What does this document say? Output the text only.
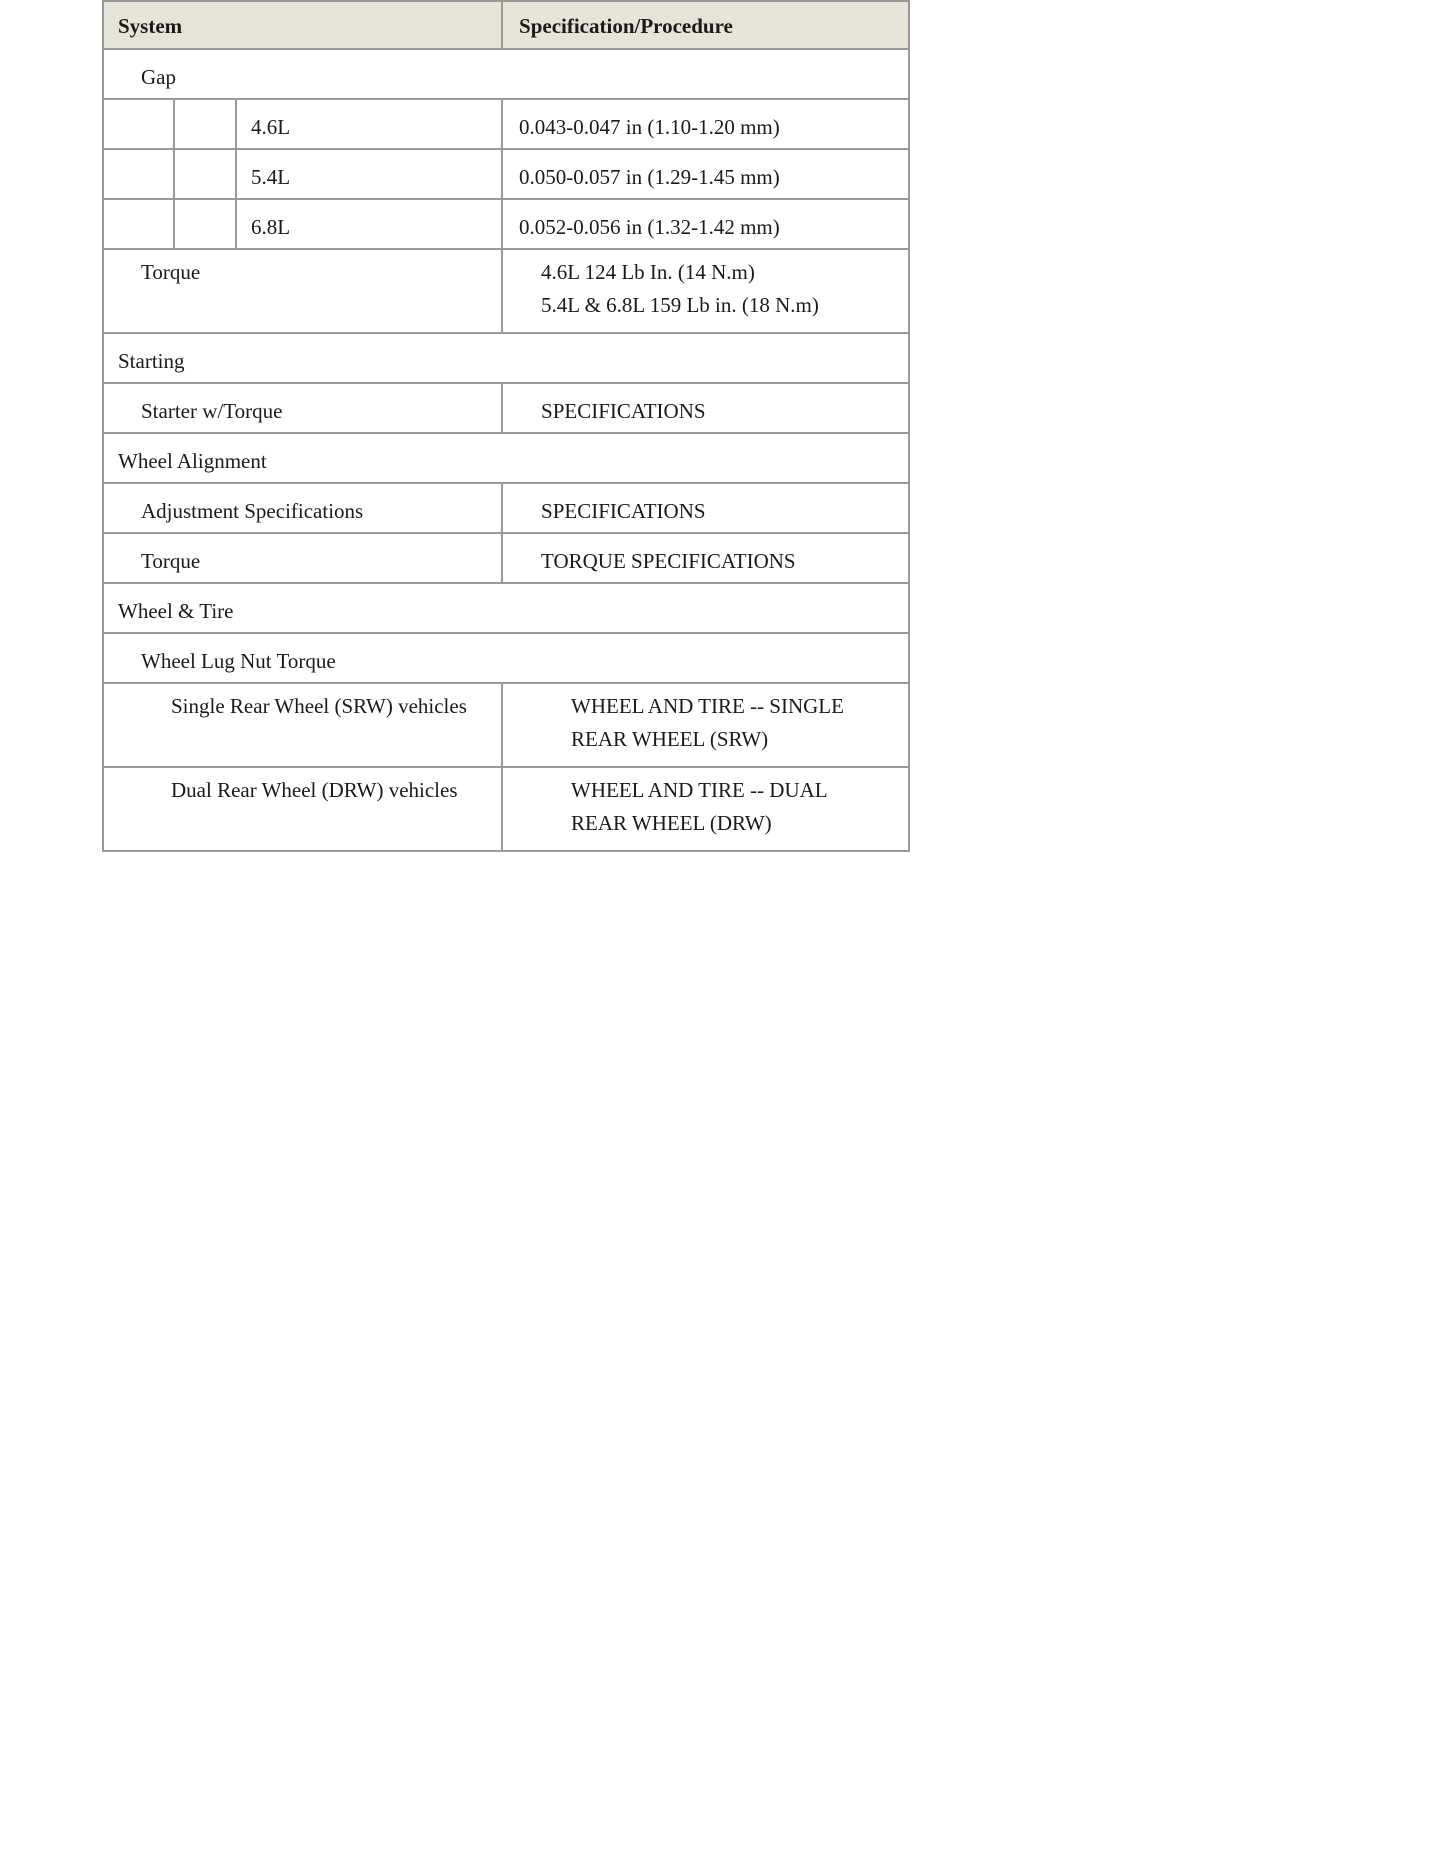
System			Specification/Procedure

Gap			

		4.6L	0.043-0.047 in (1.10-1.20 mm)

		5.4L	0.050-0.057 in (1.29-1.45 mm)

		6.8L	0.052-0.056 in (1.32-1.42 mm)

Torque			4.6L 124 Lb In. (14 N.m)
5.4L & 6.8L 159 Lb in. (18 N.m)

Starting			

Starter w/Torque			SPECIFICATIONS

Wheel Alignment			

Adjustment Specifications			SPECIFICATIONS

Torque			TORQUE SPECIFICATIONS

Wheel & Tire			

Wheel Lug Nut Torque			

Single Rear Wheel (SRW) vehicles			WHEEL AND TIRE -- SINGLE
REAR WHEEL (SRW)

Dual Rear Wheel (DRW) vehicles			WHEEL AND TIRE -- DUAL
REAR WHEEL (DRW)
